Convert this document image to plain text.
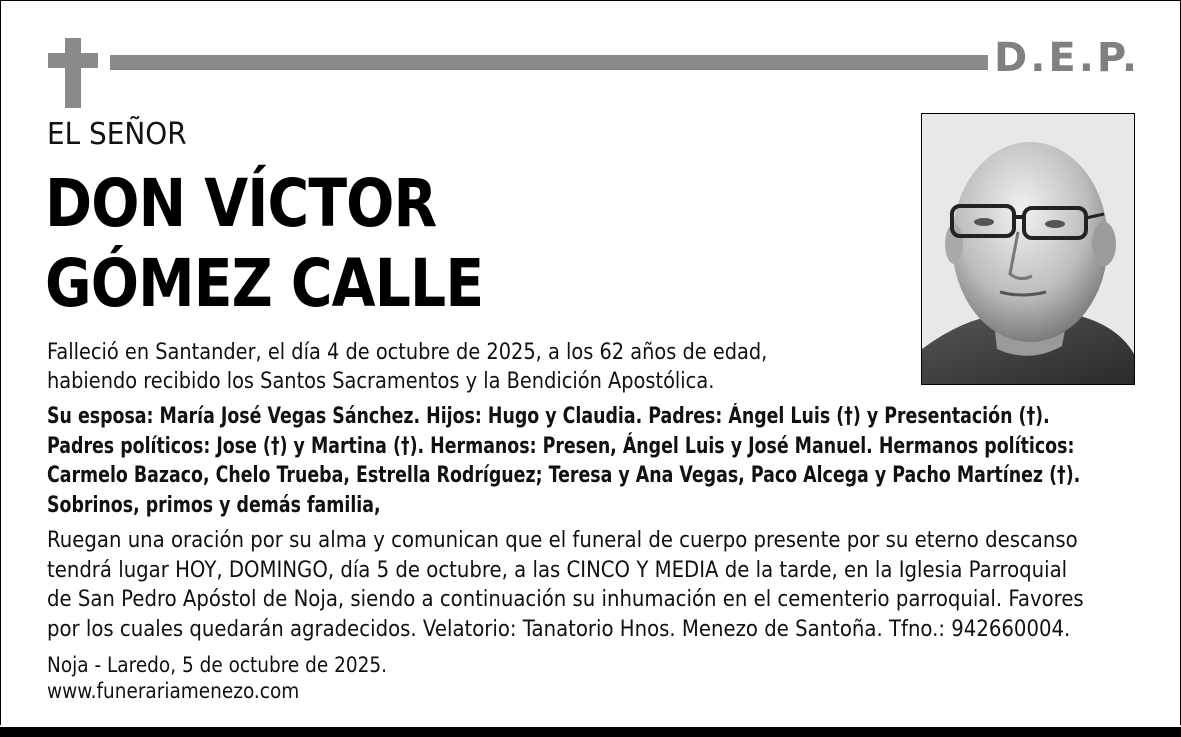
D.E.P.
EL SEÑOR
DON VÍCTOR
GÓMEZ CALLE
Falleció en Santander, el día 4 de octubre de 2025, a los 62 años de edad,
habiendo recibido los Santos Sacramentos y la Bendición Apostólica.
Su esposa: María José Vegas Sánchez. Hijos: Hugo y Claudia. Padres: Ángel Luis (†) y Presentación (†).
Padres políticos: Jose (†) y Martina (†). Hermanos: Presen, Ángel Luis y José Manuel. Hermanos políticos:
Carmelo Bazaco, Chelo Trueba, Estrella Rodríguez; Teresa y Ana Vegas, Paco Alcega y Pacho Martínez (†).
Sobrinos, primos y demás familia,
Ruegan una oración por su alma y comunican que el funeral de cuerpo presente por su eterno descanso
tendrá lugar HOY, DOMINGO, día 5 de octubre, a las CINCO Y MEDIA de la tarde, en la Iglesia Parroquial
de San Pedro Apóstol de Noja, siendo a continuación su inhumación en el cementerio parroquial. Favores
por los cuales quedarán agradecidos. Velatorio: Tanatorio Hnos. Menezo de Santoña. Tfno.: 942660004.
Noja - Laredo, 5 de octubre de 2025.
www.funerariamenezo.com
